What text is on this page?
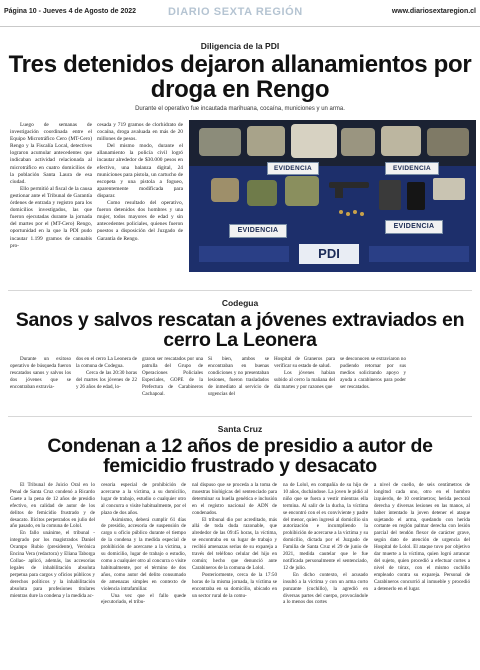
Página 10 - Jueves 4 de Agosto de 2022	DIARIO SEXTA REGIÓN	www.diariosextaregion.cl
Diligencia de la PDI
Tres detenidos dejaron allanamientos por droga en Rengo
Durante el operativo fue incautada marihuana, cocaína, municiones y un arma.
Luego de semanas de investigación coordinada entre el Equipo Microtráfico Cero (MT-Cero) Rengo y la Fiscalía Local, detectives lograron acumular antecedentes que indicaban actividad relacionada al microtráfico en cuatro domicilios de la población Santa Laura de esa ciudad.
Ello permitió al fiscal de la causa gestionar ante el Tribunal de Garantía órdenes de entrada y registro para los domicilios investigados, las que fueron ejecutadas durante la jornada del martes por el (MT-Cero) Rengo, oportunidad en la que la PDI pudo incautar 1.199 gramos de cannabis pro-
cesada y 719 gramos de clorhidrato de cocaína, droga avaluada en más de 20 millones de pesos.
Del mismo modo, durante el allanamiento la policía civil logró incautar alrededor de $30.000 pesos en efectivo, una balanza digital, 24 municiones para pistola, un cartucho de escopeta y una pistola a fogueo, aparentemente modificada para disparar.
Como resultado del operativo, fueron detenidos dos hombres y una mujer, todos mayores de edad y sin antecedentes policiales, quienes fueron puestos a disposición del Juzgado de Garantía de Rengo.
EVIDENCIA	EVIDENCIA
EVIDENCIA
EVIDENCIA
PDI
Codegua
Sanos y salvos rescatan a jóvenes extraviados en cerro La Leonera
Durante un exitoso operativo de búsqueda fueron rescatados sanos y salvos los dos jóvenes que se encontraban extravia-
dos en el cerro La Leonera de la comuna de Codegua.
Cerca de las 20:30 horas del martes los jóvenes de 22 y 26 años de edad, lo-
graron ser rescatados por una patrulla del Grupo de Operaciones Policiales Especiales, GOPE de la Prefectura de Carabineros Cachapoal.
Si bien, ambos se encontraban en buenas condiciones y no presentaban lesiones, fueron trasladados de inmediato al servicio de urgencias del
Hospital de Graneros para verificar su estado de salud.
Los jóvenes habían subido al cerro la mañana del día martes y por razones que
se desconocen se extraviaron no pudiendo retornar por sus medios solicitando apoyo y ayuda a carabineros para poder ser rescatados.
Santa Cruz
Condenan a 12 años de presidio a autor de femicidio frustrado y desacato
El Tribunal de Juicio Oral en lo Penal de Santa Cruz condenó a Ricardo Gaete a la pena de 12 años de presidio efectivo, en calidad de autor de los delitos de femicidio frustrado y de desacato. Ilícitos perpetrados en julio del año pasado, en la comuna de Lolol.
En fallo unánime, el tribunal -integrado por los magistrados Daniel Ocampo Rubio (presidente), Verónica Encina Vera (redactora) y Eliana Taborga Collao- aplicó, además, las accesorias legales de inhabilitación absoluta perpetua para cargos y oficios públicos y derechos políticos y la inhabilitación absoluta para profesiones titulares mientras dure la condena y la medida ac-
cesoria especial de prohibición de acercarse a la víctima, a su domicilio, lugar de trabajo, estudio o cualquier otro al concurra o visite habitualmente, por el plazo de dos años.
Asimismo, deberá cumplir 61 días de presidio, accesoria de suspensión de cargo u oficio público durante el tiempo de la condena y la medida especial de prohibición de acercarse a la víctima, a su domicilio, lugar de trabajo o estudio, como a cualquier otro al concurra o visite habitualmente, por el término de dos años, como autor del delito consumado de amenazas simples en contexto de violencia intrafamiliar.
Una vez que el fallo quede ejecutoriado, el tribu-
nal dispuso que se proceda a la toma de muestras biológicas del sentenciado para determinar su huella genética e inclusión en el registro nacional de ADN de condenados.
El tribunal dio por acreditado, más allá de toda duda razonable, que alrededor de las 09:45 horas, la víctima, se encontraba en su lugar de trabajo y recibió amenazas serias de su expareja a través del teléfono celular del hijo en común; hecho que denunció ante Carabineros de la comuna de Lolol.
Posteriormente, cerca de la 17:50 horas de la misma jornada, la víctima se encontraba en su domicilio, ubicado en un sector rural de la comu-
na de Lolol, en compañía de su hijo de 10 años, duchándose. La joven le pidió al niño que se fuera a vestir mientras ella termina. Al salir de la ducha, la víctima se encontró con el ex conviviente y padre del menor, quien ingresó al domicilio sin autorización e incumpliendo la prohibición de acercarse a la víctima y su domicilio, dictada por el Juzgado de Familia de Santa Cruz el 29 de junio de 2021, medida cautelar que le fue notificada personalmente el sentenciado, 12 de julio.
En dicho contexto, el acusado insultó a la víctima y con un arma corto punzante (cuchillo), la agredió en diversas partes del cuerpo, provocándole a lo menos dos cortes
a nivel de cuello, de seis centímetros de longitud cada uno, otro en el hombro izquierdo, de 10 centímetros; herida pectoral derecha y diversas lesiones en las manos, al haber intentado la joven detener el ataque sujetando el arma, quedando con herida cortante en región palmar derecha con lesión parcial del tendón flexor de carácter grave, según dato de atención de urgencia del Hospital de Lolol. El ataque tuvo por objetivo dar muerte a la víctima, quien logró arrancar del sujeto, quien procedió a efectuar cortes a nivel de tórax, con el mismo cuchillo empleado contra su expareja. Personal de Carabineros concurrió al inmueble y procedió a detenerlo en el lugar.
